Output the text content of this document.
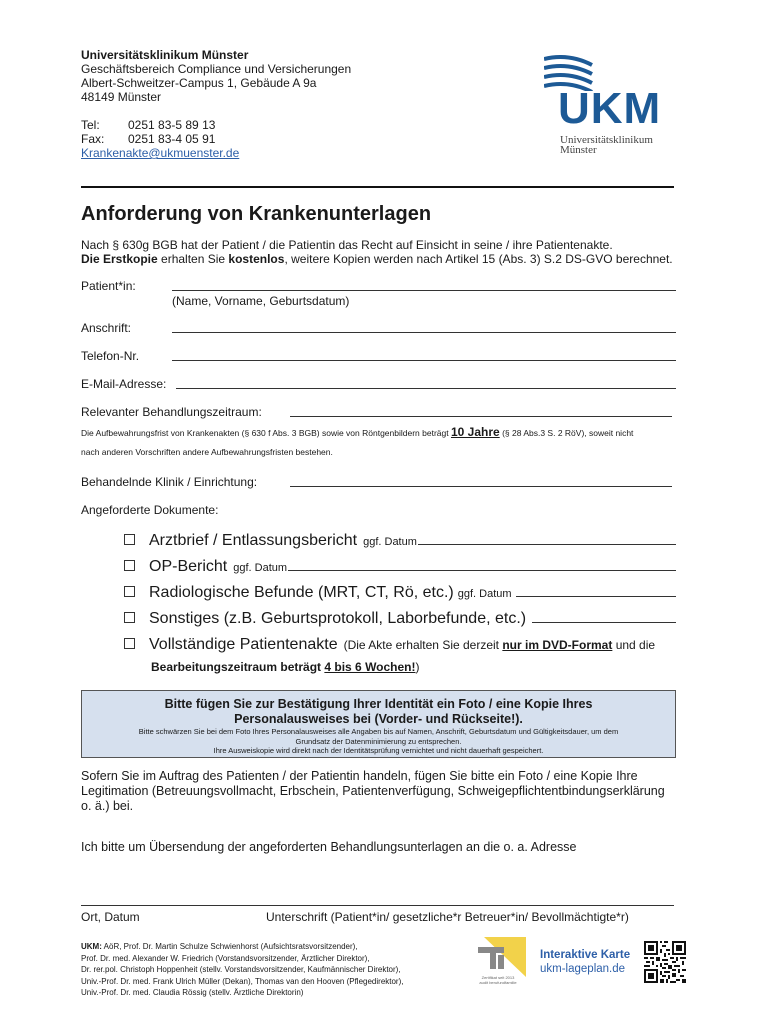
Universitätsklinikum Münster
Geschäftsbereich Compliance und Versicherungen
Albert-Schweitzer-Campus 1, Gebäude A 9a
48149 Münster
Tel: 0251 83-5 89 13
Fax: 0251 83-4 05 91
Krankenakte@ukmuenster.de
UKM
Universitätsklinikum
Münster
Anforderung von Krankenunterlagen
Nach § 630g BGB hat der Patient / die Patientin das Recht auf Einsicht in seine / ihre Patientenakte.
Die Erstkopie erhalten Sie kostenlos, weitere Kopien werden nach Artikel 15 (Abs. 3) S.2 DS-GVO berechnet.
Patient*in:
(Name, Vorname, Geburtsdatum)
Anschrift:
Telefon-Nr.
E-Mail-Adresse:
Relevanter Behandlungszeitraum:
Die Aufbewahrungsfrist von Krankenakten (§ 630 f Abs. 3 BGB) sowie von Röntgenbildern beträgt 10 Jahre (§ 28 Abs.3 S. 2 RöV), soweit nicht
nach anderen Vorschriften andere Aufbewahrungsfristen bestehen.
Behandelnde Klinik / Einrichtung:
Angeforderte Dokumente:
Arztbrief / Entlassungsbericht ggf. Datum
OP-Bericht ggf. Datum
Radiologische Befunde (MRT, CT, Rö, etc.) ggf. Datum
Sonstiges (z.B. Geburtsprotokoll, Laborbefunde, etc.)
Vollständige Patientenakte (Die Akte erhalten Sie derzeit nur im DVD-Format und die
Bearbeitungszeitraum beträgt 4 bis 6 Wochen!)
Bitte fügen Sie zur Bestätigung Ihrer Identität ein Foto / eine Kopie Ihres
Personalausweises bei (Vorder- und Rückseite!).
Bitte schwärzen Sie bei dem Foto Ihres Personalausweises alle Angaben bis auf Namen, Anschrift, Geburtsdatum und Gültigkeitsdauer, um dem
Grundsatz der Datenminimierung zu entsprechen.
Ihre Ausweiskopie wird direkt nach der Identitätsprüfung vernichtet und nicht dauerhaft gespeichert.
Sofern Sie im Auftrag des Patienten / der Patientin handeln, fügen Sie bitte ein Foto / eine Kopie Ihre
Legitimation (Betreuungsvollmacht, Erbschein, Patientenverfügung, Schweigepflichtentbindungserklärung
o. ä.) bei.
Ich bitte um Übersendung der angeforderten Behandlungsunterlagen an die o. a. Adresse
Ort, Datum	Unterschrift (Patient*in/ gesetzliche*r Betreuer*in/ Bevollmächtigte*r)
UKM: AöR, Prof. Dr. Martin Schulze Schwienhorst (Aufsichtsratsvorsitzender),
Prof. Dr. med. Alexander W. Friedrich (Vorstandsvorsitzender, Ärztlicher Direktor),
Dr. rer.pol. Christoph Hoppenheit (stellv. Vorstandsvorsitzender, Kaufmännischer Direktor),
Univ.-Prof. Dr. med. Frank Ulrich Müller (Dekan), Thomas van den Hooven (Pflegedirektor),
Univ.-Prof. Dr. med. Claudia Rössig (stellv. Ärztliche Direktorin)
Zertifikat seit 2013
audit berufundfamilie
Interaktive Karte
ukm-lageplan.de
